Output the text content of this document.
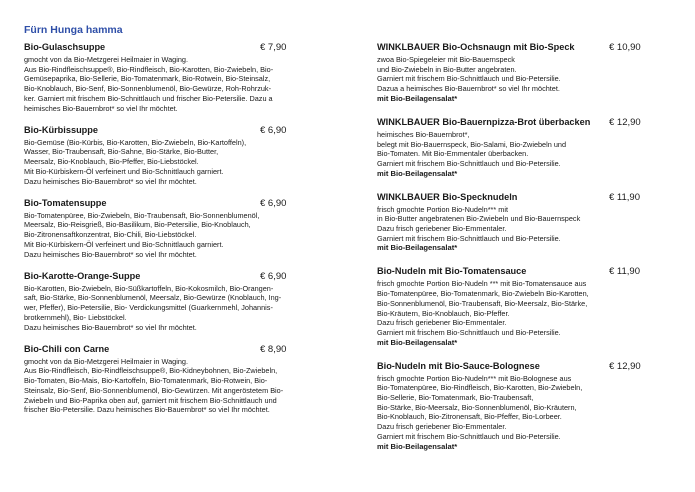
Fürn Hunga hamma
Bio-Gulaschsuppe	€ 7,90
gmocht von da Bio-Metzgerei Heilmaier in Waging.
Aus Bio-Rindfleischsuppe®, Bio-Rindfleisch, Bio-Karotten, Bio-Zwiebeln, Bio-
Gemüsepaprika, Bio-Sellerie, Bio-Tomatenmark, Bio-Rotwein, Bio-Steinsalz,
Bio-Knoblauch, Bio-Senf, Bio-Sonnenblumenöl, Bio-Gewürze, Roh-Rohrzuk-
ker. Garniert mit frischem Bio-Schnittlauch und frischer Bio-Petersilie. Dazu a
heimisches Bio-Bauernbrot* so viel Ihr möchtet.
Bio-Kürbissuppe	€ 6,90
Bio-Gemüse (Bio-Kürbis, Bio-Karotten, Bio-Zwiebeln, Bio-Kartoffeln),
Wasser, Bio-Traubensaft, Bio-Sahne, Bio-Stärke, Bio-Butter,
Meersalz, Bio-Knoblauch, Bio-Pfeffer, Bio-Liebstöckel.
Mit Bio-Kürbiskern-Öl verfeinert und Bio-Schnittlauch garniert.
Dazu heimisches Bio-Bauernbrot* so viel Ihr möchtet.
Bio-Tomatensuppe	€ 6,90
Bio-Tomatenpüree, Bio-Zwiebeln, Bio-Traubensaft, Bio-Sonnenblumenöl,
Meersalz, Bio-Reisgrieß, Bio-Basilikum, Bio-Petersilie, Bio-Knoblauch,
Bio-Zitronensaftkonzentrat, Bio-Chili, Bio-Liebstöckel.
Mit Bio-Kürbiskern-Öl verfeinert und Bio-Schnittlauch garniert.
Dazu heimisches Bio-Bauernbrot* so viel Ihr möchtet.
Bio-Karotte-Orange-Suppe	€ 6,90
Bio-Karotten, Bio-Zwiebeln, Bio-Süßkartoffeln, Bio-Kokosmilch, Bio-Orangen-
saft, Bio-Stärke, Bio-Sonnenblumenöl, Meersalz, Bio-Gewürze (Knoblauch, Ing-
wer, Pfeffer), Bio-Petersilie, Bio- Verdickungsmittel (Guarkernmehl, Johannis-
brotkernmehl), Bio- Liebstöckel.
Dazu heimisches Bio-Bauernbrot* so viel Ihr möchtet.
Bio-Chili con Carne	€ 8,90
gmocht von da Bio-Metzgerei Heilmaier in Waging.
Aus Bio-Rindfleisch, Bio-Rindfleischsuppe®, Bio-Kidneybohnen, Bio-Zwiebeln,
Bio-Tomaten, Bio-Mais, Bio-Kartoffeln, Bio-Tomatenmark, Bio-Rotwein, Bio-
Steinsalz, Bio-Senf, Bio-Sonnenblumenöl, Bio-Gewürzen. Mit angeröstetem Bio-
Zwiebeln und Bio-Paprika oben auf, garniert mit frischem Bio-Schnittlauch und
frischer Bio-Petersilie. Dazu heimisches Bio-Bauernbrot* so viel Ihr möchtet.
WINKLBAUER Bio-Ochsnaugn mit Bio-Speck	€ 10,90
zwoa Bio-Spiegeleier mit Bio-Bauernspeck
und Bio-Zwiebeln in Bio-Butter angebraten.
Garniert mit frischem Bio-Schnittlauch und Bio-Petersilie.
Dazua a heimisches Bio-Bauernbrot* so viel Ihr möchtet.
mit Bio-Beilagensalat*
WINKLBAUER Bio-Bauernpizza-Brot überbacken € 12,90
heimisches Bio-Bauernbrot*,
belegt mit Bio-Bauernspeck, Bio-Salami, Bio-Zwiebeln und
Bio-Tomaten. Mit Bio-Emmentaler überbacken.
Garniert mit frischem Bio-Schnittlauch und Bio-Petersilie.
mit Bio-Beilagensalat*
WINKLBAUER Bio-Specknudeln	€ 11,90
frisch gmochte Portion Bio-Nudeln*** mit
in Bio-Butter angebratenen Bio-Zwiebeln und Bio-Bauernspeck
Dazu frisch geriebener Bio-Emmentaler.
Garniert mit frischem Bio-Schnittlauch und Bio-Petersilie.
mit Bio-Beilagensalat*
Bio-Nudeln mit Bio-Tomatensauce	€ 11,90
frisch gmochte Portion Bio-Nudeln *** mit Bio-Tomatensauce aus
Bio-Tomatenpüree, Bio-Tomatenmark, Bio-Zwiebeln Bio-Karotten,
Bio-Sonnenblumenöl, Bio-Traubensaft, Bio-Meersalz, Bio-Stärke,
Bio-Kräutern, Bio-Knoblauch, Bio-Pfeffer.
Dazu frisch geriebener Bio-Emmentaler.
Garniert mit frischem Bio-Schnittlauch und Bio-Petersilie.
mit Bio-Beilagensalat*
Bio-Nudeln mit Bio-Sauce-Bolognese	€ 12,90
frisch gmochte Portion Bio-Nudeln*** mit Bio-Bolognese aus
Bio-Tomatenpüree, Bio-Rindfleisch, Bio-Karotten, Bio-Zwiebeln,
Bio-Sellerie, Bio-Tomatenmark, Bio-Traubensaft,
Bio-Stärke, Bio-Meersalz, Bio-Sonnenblumenöl, Bio-Kräutern,
Bio-Knoblauch, Bio-Zitronensaft, Bio-Pfeffer, Bio-Lorbeer.
Dazu frisch geriebener Bio-Emmentaler.
Garniert mit frischem Bio-Schnittlauch und Bio-Petersilie.
mit Bio-Beilagensalat*
